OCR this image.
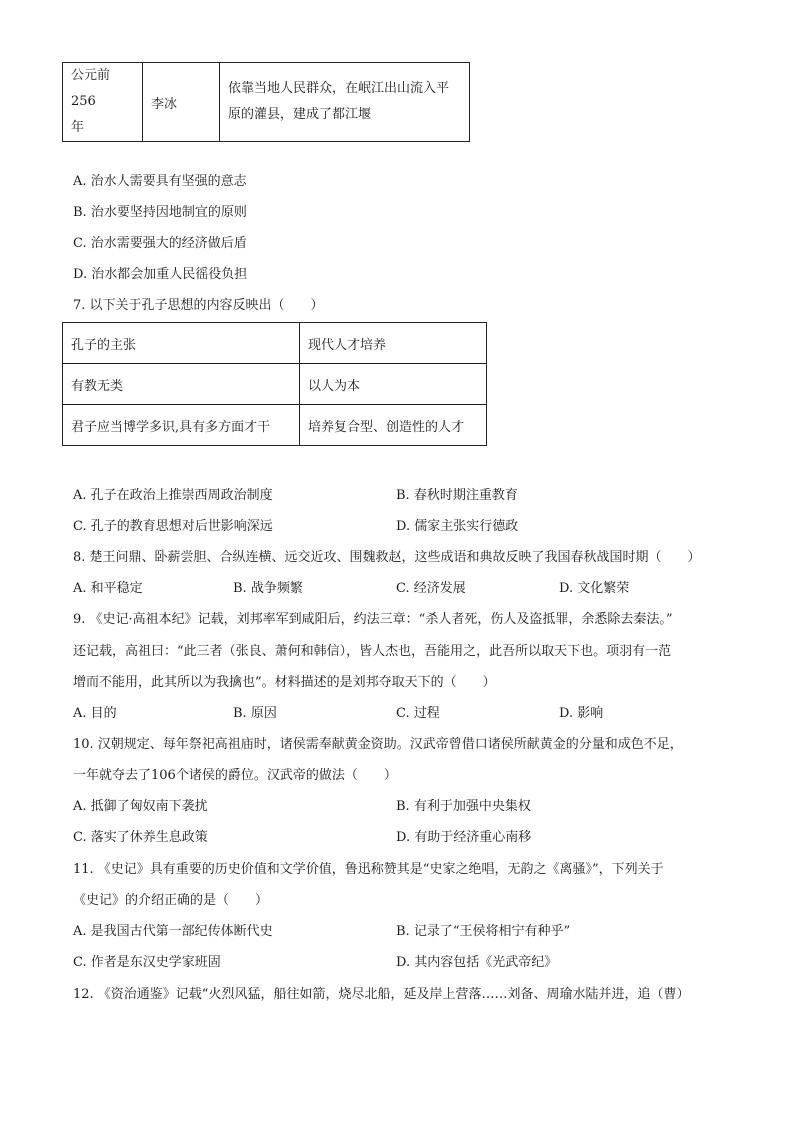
公元前256
年	李冰	依靠当地人民群众，在岷江出山流入平
原的灌县，建成了都江堰
A. 治水人需要具有坚强的意志
B. 治水要坚持因地制宜的原则
C. 治水需要强大的经济做后盾
D. 治水都会加重人民徭役负担
7. 以下关于孔子思想的内容反映出（　　）
孔子的主张	现代人才培养
有教无类	以人为本
君子应当博学多识,具有多方面才干	培养复合型、创造性的人才
A. 孔子在政治上推崇西周政治制度	B. 春秋时期注重教育
C. 孔子的教育思想对后世影响深远	D. 儒家主张实行德政
8. 楚王问鼎、卧薪尝胆、合纵连横、远交近攻、围魏救赵，这些成语和典故反映了我国春秋战国时期（　　）
A. 和平稳定	B. 战争频繁	C. 经济发展	D. 文化繁荣
9. 《史记·高祖本纪》记载，刘邦率军到咸阳后，约法三章：“杀人者死，伤人及盗抵罪，余悉除去秦法。”
还记载，高祖曰：“此三者（张良、萧何和韩信），皆人杰也，吾能用之，此吾所以取天下也。项羽有一范
增而不能用，此其所以为我擒也”。材料描述的是刘邦夺取天下的（　　）
A. 目的	B. 原因	C. 过程	D. 影响
10. 汉朝规定、每年祭祀高祖庙时，诸侯需奉献黄金资助。汉武帝曾借口诸侯所献黄金的分量和成色不足，
一年就夺去了106个诸侯的爵位。汉武帝的做法（　　）
A. 抵御了匈奴南下袭扰	B. 有利于加强中央集权
C. 落实了休养生息政策	D. 有助于经济重心南移
11. 《史记》具有重要的历史价值和文学价值，鲁迅称赞其是“史家之绝唱，无韵之《离骚》”，下列关于
《史记》的介绍正确的是（　　）
A. 是我国古代第一部纪传体断代史	B. 记录了“王侯将相宁有种乎”
C. 作者是东汉史学家班固	D. 其内容包括《光武帝纪》
12. 《资治通鉴》记载“火烈风猛，船往如箭，烧尽北船，延及岸上营落……刘备、周瑜水陆并进，追（曹）
